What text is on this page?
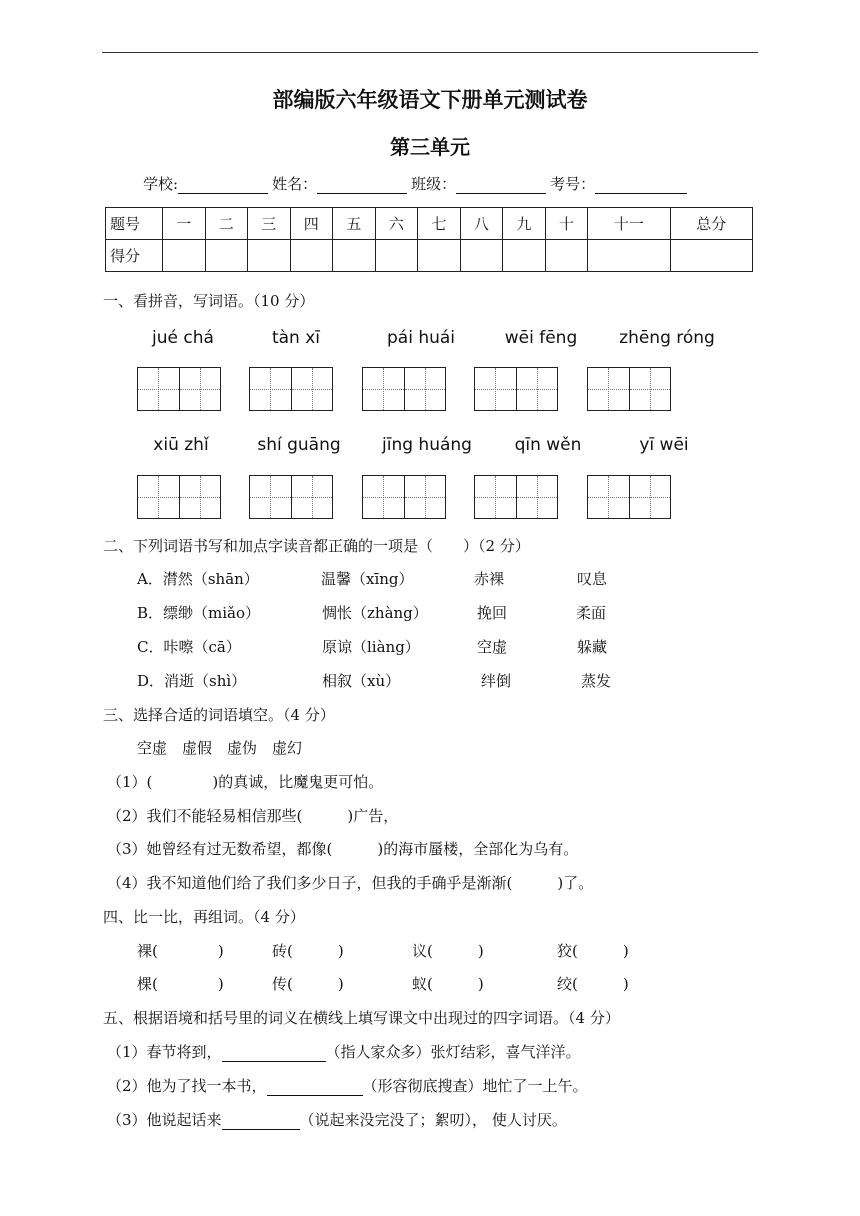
部编版六年级语文下册单元测试卷
第三单元
学校:	姓名：	班级：	考号：
题号	一	二	三	四	五	六	七	八	九	十	十一	总分
得分												
一、看拼音，写词语。（10 分）
jué chá	tàn xī	pái huái	wēi fēng	zhēng róng
xiū zhǐ	shí guāng	jīng huáng	qīn wěn	yī wēi
二、下列词语书写和加点字读音都正确的一项是（　　）（2 分）
A．潸然（shān）	温馨（xīng）	赤裸	叹息
B．缥缈（miǎo）	惆怅（zhàng）	挽回	柔面
C．咔嚓（cā）	原谅（liàng）	空虚	躲藏
D．消逝（shì）	相叙（xù）	绊倒	蒸发
三、选择合适的词语填空。（4 分）
空虚　虚假　虚伪　虚幻
（1）(　　　　)的真诚，比魔鬼更可怕。
（2）我们不能轻易相信那些(　　　)广告，
（3）她曾经有过无数希望，都像(　　　)的海市蜃楼，全部化为乌有。
（4）我不知道他们给了我们多少日子，但我的手确乎是渐渐(　　　)了。
四、比一比，再组词。（4 分）
裸(　　　　)	砖(　　　)	议(　　　)	狡(　　　)
棵(　　　　)	传(　　　)	蚁(　　　)	绞(　　　)
五、根据语境和括号里的词义在横线上填写课文中出现过的四字词语。（4 分）
（1）春节将到，	（指人家众多）张灯结彩，喜气洋洋。
（2）他为了找一本书，	（形容彻底搜查）地忙了一上午。
（3）他说起话来	（说起来没完没了；絮叨）， 使人讨厌。
